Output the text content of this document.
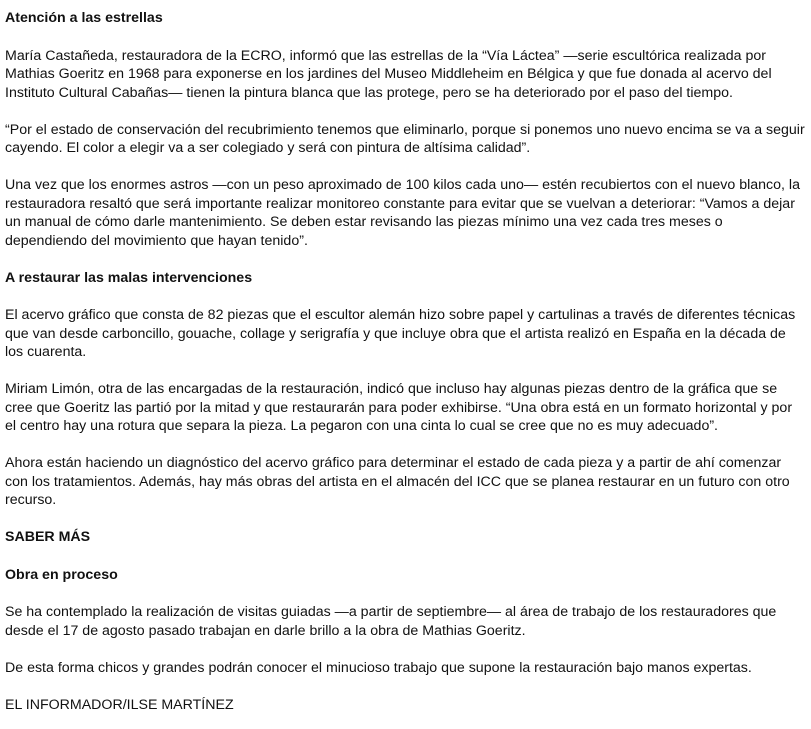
Atención a las estrellas
María Castañeda, restauradora de la ECRO, informó que las estrellas de la “Vía Láctea” —serie escultórica realizada por Mathias Goeritz en 1968 para exponerse en los jardines del Museo Middleheim en Bélgica y que fue donada al acervo del Instituto Cultural Cabañas— tienen la pintura blanca que las protege, pero se ha deteriorado por el paso del tiempo.
“Por el estado de conservación del recubrimiento tenemos que eliminarlo, porque si ponemos uno nuevo encima se va a seguir cayendo. El color a elegir va a ser colegiado y será con pintura de altísima calidad”.
Una vez que los enormes astros —con un peso aproximado de 100 kilos cada uno— estén recubiertos con el nuevo blanco, la restauradora resaltó que será importante realizar monitoreo constante para evitar que se vuelvan a deteriorar: “Vamos a dejar un manual de cómo darle mantenimiento. Se deben estar revisando las piezas mínimo una vez cada tres meses o dependiendo del movimiento que hayan tenido”.
A restaurar las malas intervenciones
El acervo gráfico que consta de 82 piezas que el escultor alemán hizo sobre papel y cartulinas a través de diferentes técnicas que van desde carboncillo, gouache, collage y serigrafía y que incluye obra que el artista realizó en España en la década de los cuarenta.
Miriam Limón, otra de las encargadas de la restauración, indicó que incluso hay algunas piezas dentro de la gráfica que se cree que Goeritz las partió por la mitad y que restaurarán para poder exhibirse. “Una obra está en un formato horizontal y por el centro hay una rotura que separa la pieza. La pegaron con una cinta lo cual se cree que no es muy adecuado”.
Ahora están haciendo un diagnóstico del acervo gráfico para determinar el estado de cada pieza y a partir de ahí comenzar con los tratamientos. Además, hay más obras del artista en el almacén del ICC que se planea restaurar en un futuro con otro recurso.
SABER MÁS
Obra en proceso
Se ha contemplado la realización de visitas guiadas —a partir de septiembre— al área de trabajo de los restauradores que desde el 17 de agosto pasado trabajan en darle brillo a la obra de Mathias Goeritz.
De esta forma chicos y grandes podrán conocer el minucioso trabajo que supone la restauración bajo manos expertas.
EL INFORMADOR/ILSE MARTÍNEZ
